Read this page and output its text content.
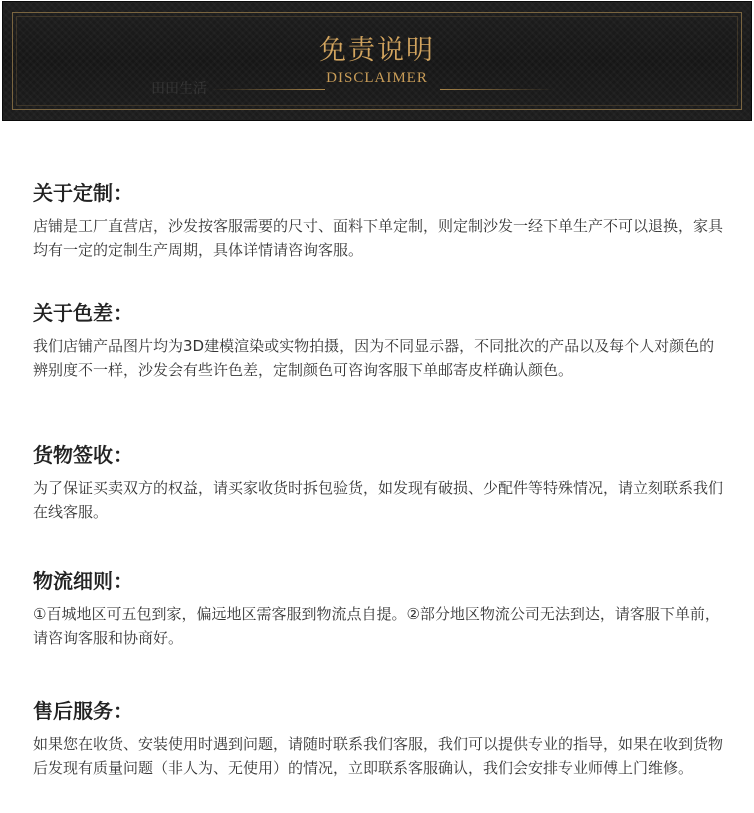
免责说明
DISCLAIMER
田田生活
关于定制：
店铺是工厂直营店，沙发按客服需要的尺寸、面料下单定制，则定制沙发一经下单生产不可以退换，家具均有一定的定制生产周期，具体详情请咨询客服。
关于色差：
我们店铺产品图片均为3D建模渲染或实物拍摄，因为不同显示器，不同批次的产品以及每个人对颜色的辨别度不一样，沙发会有些许色差，定制颜色可咨询客服下单邮寄皮样确认颜色。
货物签收：
为了保证买卖双方的权益，请买家收货时拆包验货，如发现有破损、少配件等特殊情况，请立刻联系我们在线客服。
物流细则：
①百城地区可五包到家，偏远地区需客服到物流点自提。②部分地区物流公司无法到达，请客服下单前，请咨询客服和协商好。
售后服务：
如果您在收货、安装使用时遇到问题，请随时联系我们客服，我们可以提供专业的指导，如果在收到货物后发现有质量问题（非人为、无使用）的情况，立即联系客服确认，我们会安排专业师傅上门维修。
